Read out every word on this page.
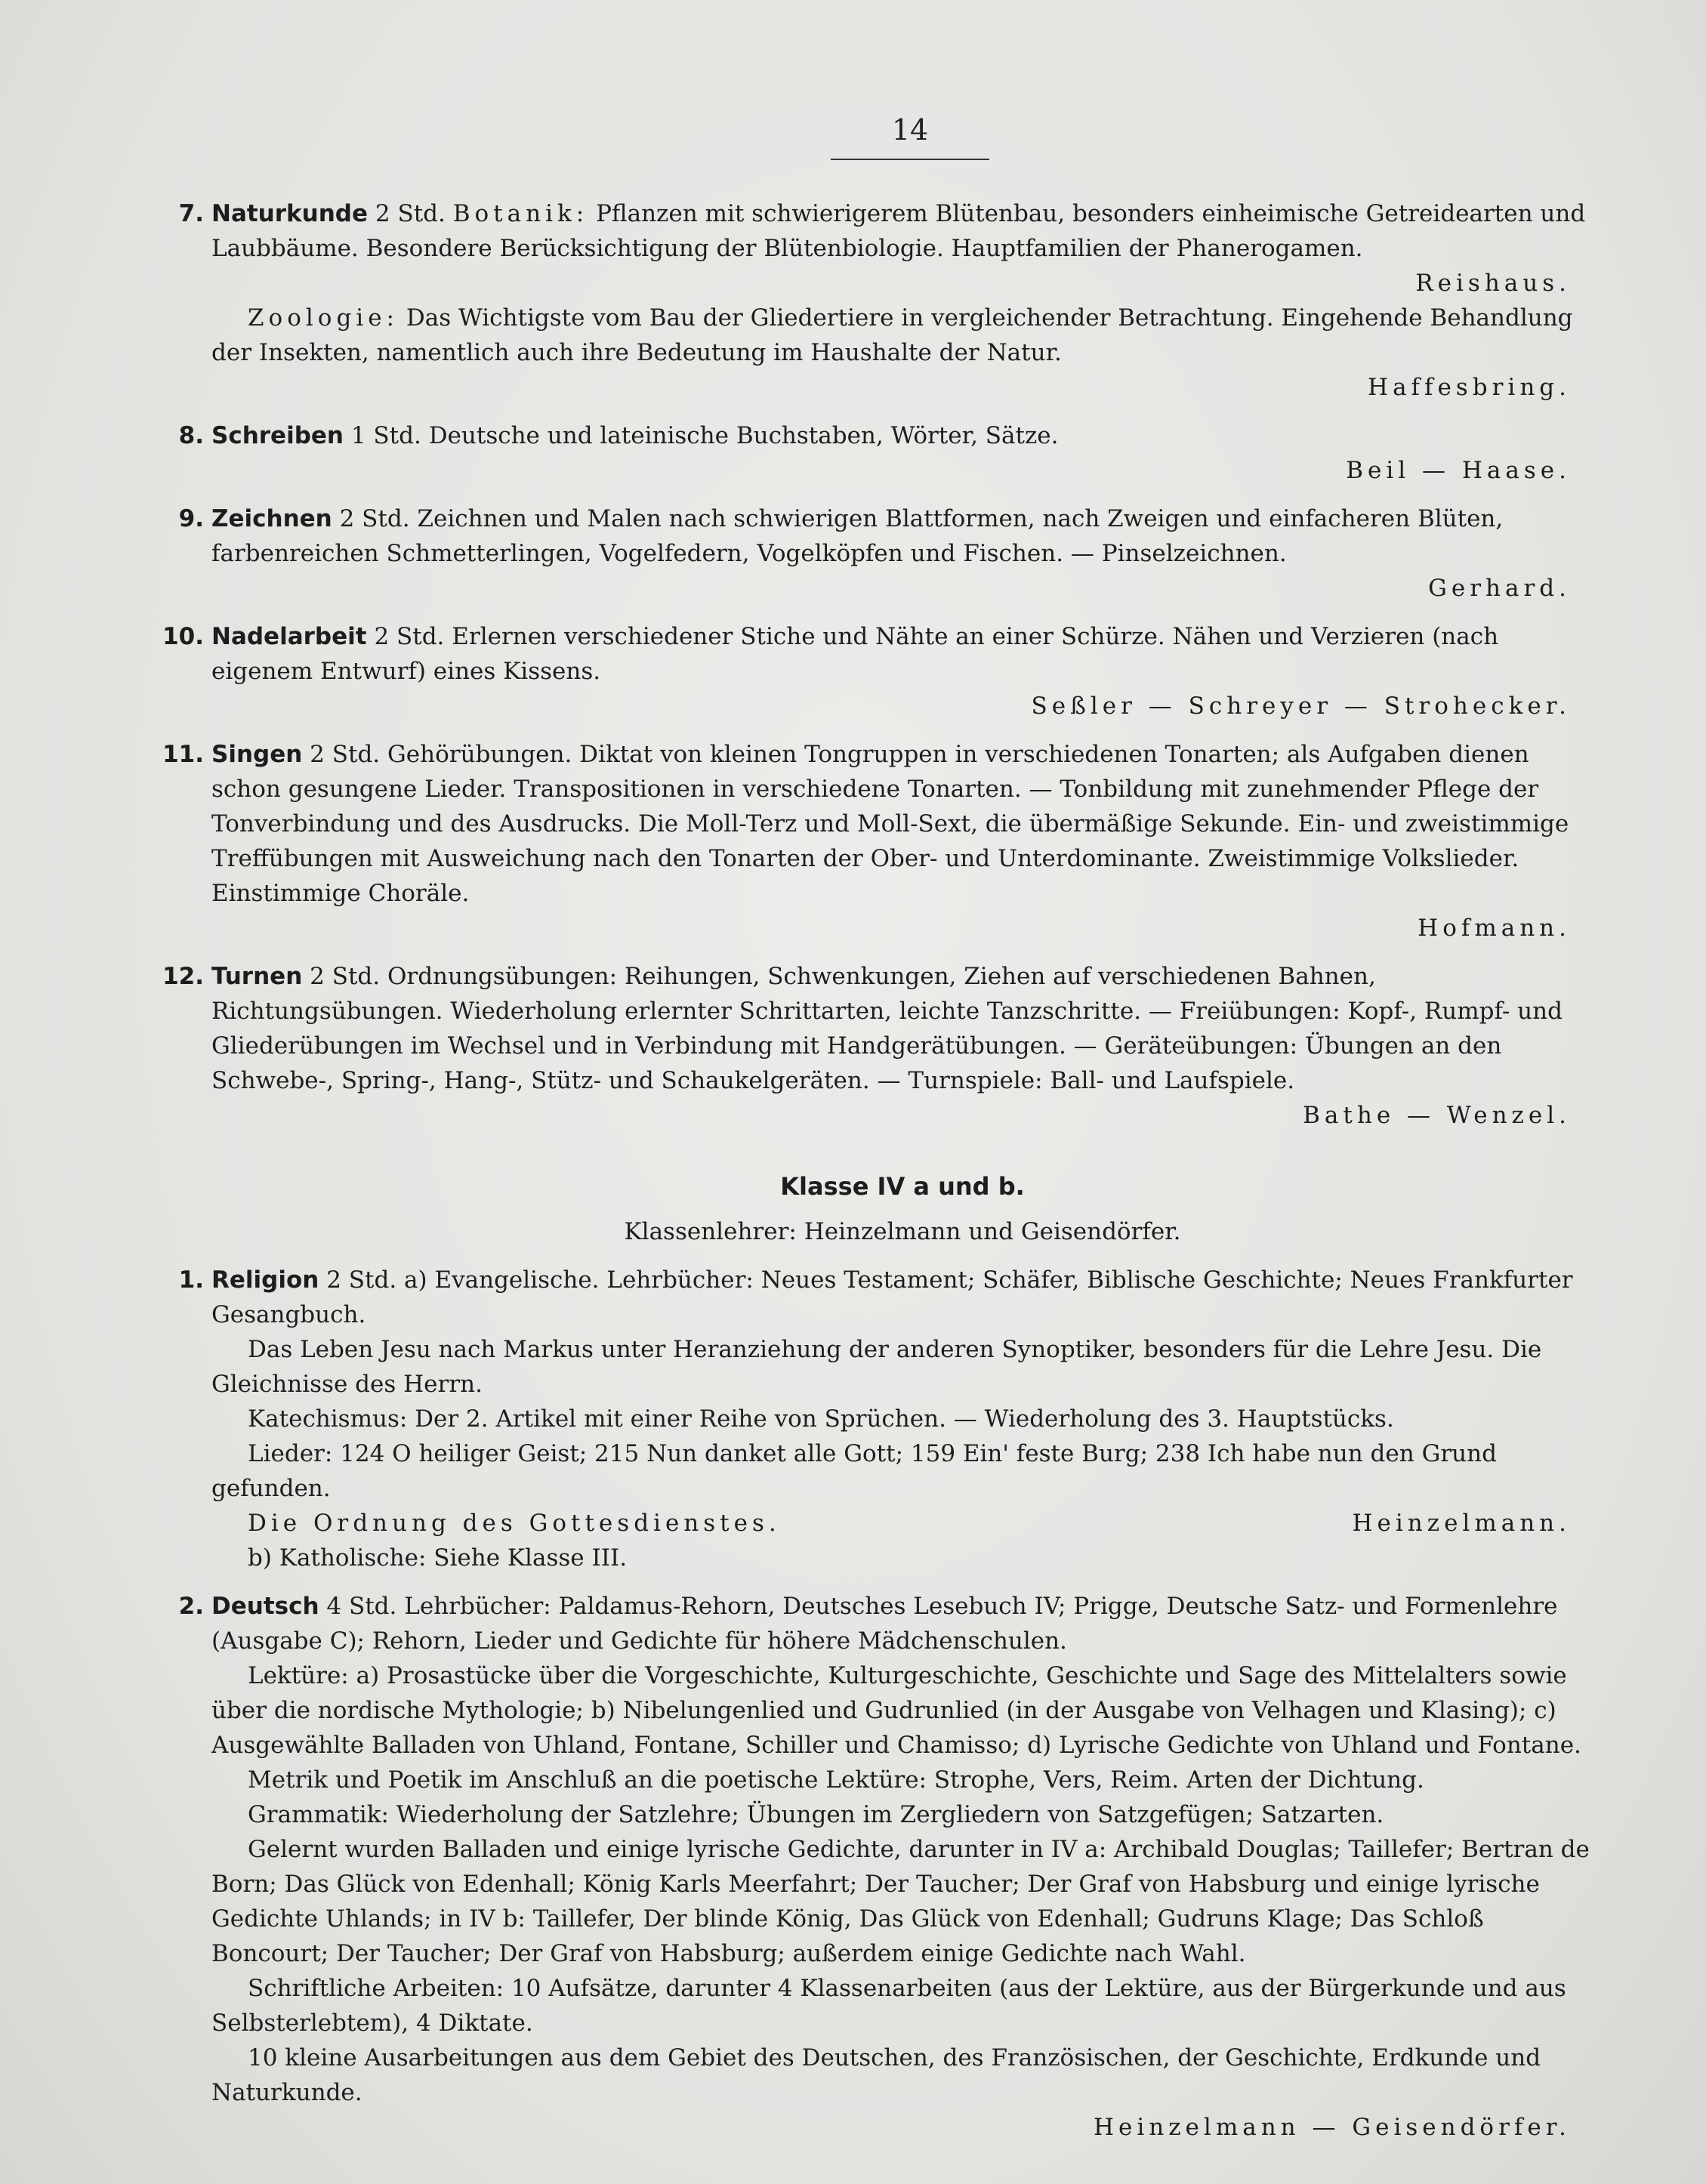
14
7. Naturkunde 2 Std. Botanik: Pflanzen mit schwierigerem Blütenbau, besonders einheimische Getreidearten und Laubbäume. Besondere Berücksichtigung der Blütenbiologie. Hauptfamilien der Phanerogamen.

Reishaus.

Zoologie: Das Wichtigste vom Bau der Gliedertiere in vergleichender Betrachtung. Eingehende Behandlung der Insekten, namentlich auch ihre Bedeutung im Haushalte der Natur.

Haffesbring.

8. Schreiben 1 Std. Deutsche und lateinische Buchstaben, Wörter, Sätze.

Beil — Haase.

9. Zeichnen 2 Std. Zeichnen und Malen nach schwierigen Blattformen, nach Zweigen und einfacheren Blüten, farbenreichen Schmetterlingen, Vogelfedern, Vogelköpfen und Fischen. — Pinselzeichnen.

Gerhard.

10. Nadelarbeit 2 Std. Erlernen verschiedener Stiche und Nähte an einer Schürze. Nähen und Verzieren (nach eigenem Entwurf) eines Kissens.

Seßler — Schreyer — Strohecker.

11. Singen 2 Std. Gehörübungen. Diktat von kleinen Tongruppen in verschiedenen Tonarten; als Aufgaben dienen schon gesungene Lieder. Transpositionen in verschiedene Tonarten. — Tonbildung mit zunehmender Pflege der Tonverbindung und des Ausdrucks. Die Moll-Terz und Moll-Sext, die übermäßige Sekunde. Ein- und zweistimmige Treffübungen mit Ausweichung nach den Tonarten der Ober- und Unterdominante. Zweistimmige Volkslieder. Einstimmige Choräle.

Hofmann.

12. Turnen 2 Std. Ordnungsübungen: Reihungen, Schwenkungen, Ziehen auf verschiedenen Bahnen, Richtungsübungen. Wiederholung erlernter Schrittarten, leichte Tanzschritte. — Freiübungen: Kopf-, Rumpf- und Gliederübungen im Wechsel und in Verbindung mit Handgerätübungen. — Geräteübungen: Übungen an den Schwebe-, Spring-, Hang-, Stütz- und Schaukelgeräten. — Turnspiele: Ball- und Laufspiele.

Bathe — Wenzel.

Klasse IV a und b.
Klassenlehrer: Heinzelmann und Geisendörfer.
1. Religion 2 Std. a) Evangelische. Lehrbücher: Neues Testament; Schäfer, Biblische Geschichte; Neues Frankfurter Gesangbuch.

Das Leben Jesu nach Markus unter Heranziehung der anderen Synoptiker, besonders für die Lehre Jesu. Die Gleichnisse des Herrn.

Katechismus: Der 2. Artikel mit einer Reihe von Sprüchen. — Wiederholung des 3. Hauptstücks.

Lieder: 124 O heiliger Geist; 215 Nun danket alle Gott; 159 Ein' feste Burg; 238 Ich habe nun den Grund gefunden.

Die Ordnung des Gottesdienstes.	Heinzelmann.

b) Katholische: Siehe Klasse III.

2. Deutsch 4 Std. Lehrbücher: Paldamus-Rehorn, Deutsches Lesebuch IV; Prigge, Deutsche Satz- und Formenlehre (Ausgabe C); Rehorn, Lieder und Gedichte für höhere Mädchenschulen.

Lektüre: a) Prosastücke über die Vorgeschichte, Kulturgeschichte, Geschichte und Sage des Mittelalters sowie über die nordische Mythologie; b) Nibelungenlied und Gudrunlied (in der Ausgabe von Velhagen und Klasing); c) Ausgewählte Balladen von Uhland, Fontane, Schiller und Chamisso; d) Lyrische Gedichte von Uhland und Fontane.

Metrik und Poetik im Anschluß an die poetische Lektüre: Strophe, Vers, Reim. Arten der Dichtung.

Grammatik: Wiederholung der Satzlehre; Übungen im Zergliedern von Satzgefügen; Satzarten.

Gelernt wurden Balladen und einige lyrische Gedichte, darunter in IV a: Archibald Douglas; Taillefer; Bertran de Born; Das Glück von Edenhall; König Karls Meerfahrt; Der Taucher; Der Graf von Habsburg und einige lyrische Gedichte Uhlands; in IV b: Taillefer, Der blinde König, Das Glück von Edenhall; Gudruns Klage; Das Schloß Boncourt; Der Taucher; Der Graf von Habsburg; außerdem einige Gedichte nach Wahl.

Schriftliche Arbeiten: 10 Aufsätze, darunter 4 Klassenarbeiten (aus der Lektüre, aus der Bürgerkunde und aus Selbsterlebtem), 4 Diktate.

10 kleine Ausarbeitungen aus dem Gebiet des Deutschen, des Französischen, der Geschichte, Erdkunde und Naturkunde.

Heinzelmann — Geisendörfer.
